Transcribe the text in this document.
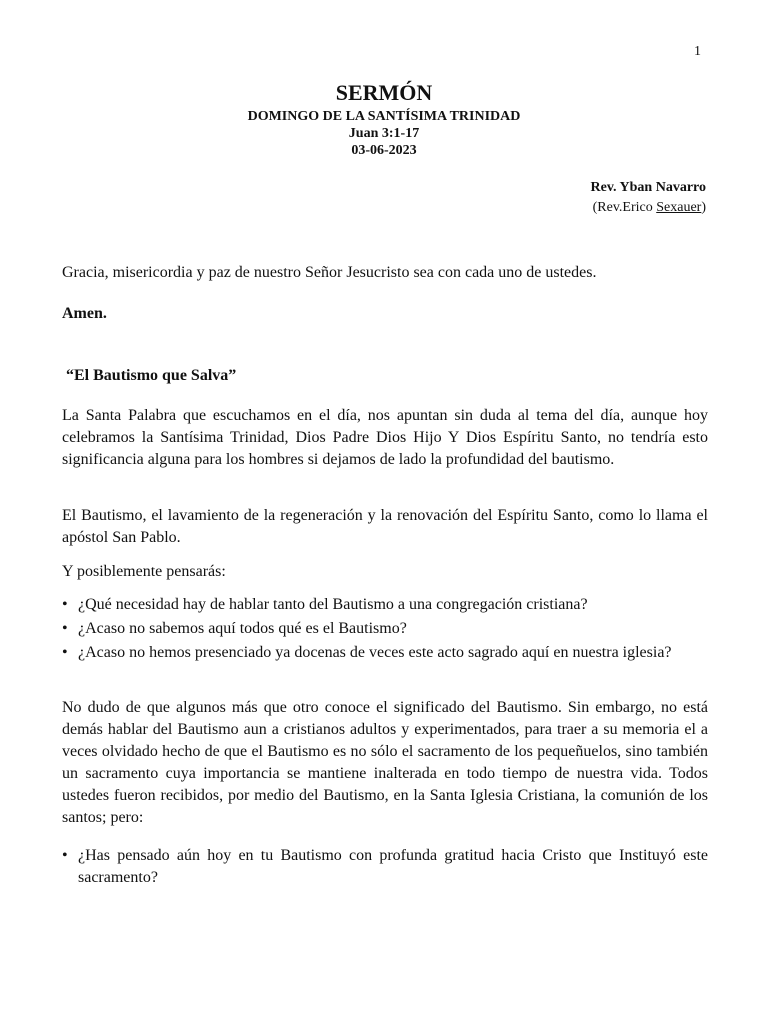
1

SERMÓN

DOMINGO DE LA SANTÍSIMA TRINIDAD

Juan 3:1-17

03-06-2023

Rev. Yban Navarro
(Rev.Erico Sexauer)
Gracia, misericordia y paz de nuestro Señor Jesucristo sea con cada uno de ustedes.
Amen.
“El Bautismo que Salva”
La Santa Palabra que escuchamos en el día, nos apuntan sin duda al tema del día, aunque hoy celebramos la Santísima Trinidad, Dios Padre Dios Hijo Y Dios Espíritu Santo, no tendría esto significancia alguna para los hombres si dejamos de lado la profundidad del bautismo.
El Bautismo, el lavamiento de la regeneración y la renovación del Espíritu Santo, como lo llama el apóstol San Pablo.
Y posiblemente pensarás:
• ¿Qué necesidad hay de hablar tanto del Bautismo a una congregación cristiana?
• ¿Acaso no sabemos aquí todos qué es el Bautismo?
• ¿Acaso no hemos presenciado ya docenas de veces este acto sagrado aquí en nuestra iglesia?
No dudo de que algunos más que otro conoce el significado del Bautismo. Sin embargo, no está demás hablar del Bautismo aun a cristianos adultos y experimentados, para traer a su memoria el a veces olvidado hecho de que el Bautismo es no sólo el sacramento de los pequeñuelos, sino también un sacramento cuya importancia se mantiene inalterada en todo tiempo de nuestra vida. Todos ustedes fueron recibidos, por medio del Bautismo, en la Santa Iglesia Cristiana, la comunión de los santos; pero:
• ¿Has pensado aún hoy en tu Bautismo con profunda gratitud hacia Cristo que Instituyó este sacramento?
